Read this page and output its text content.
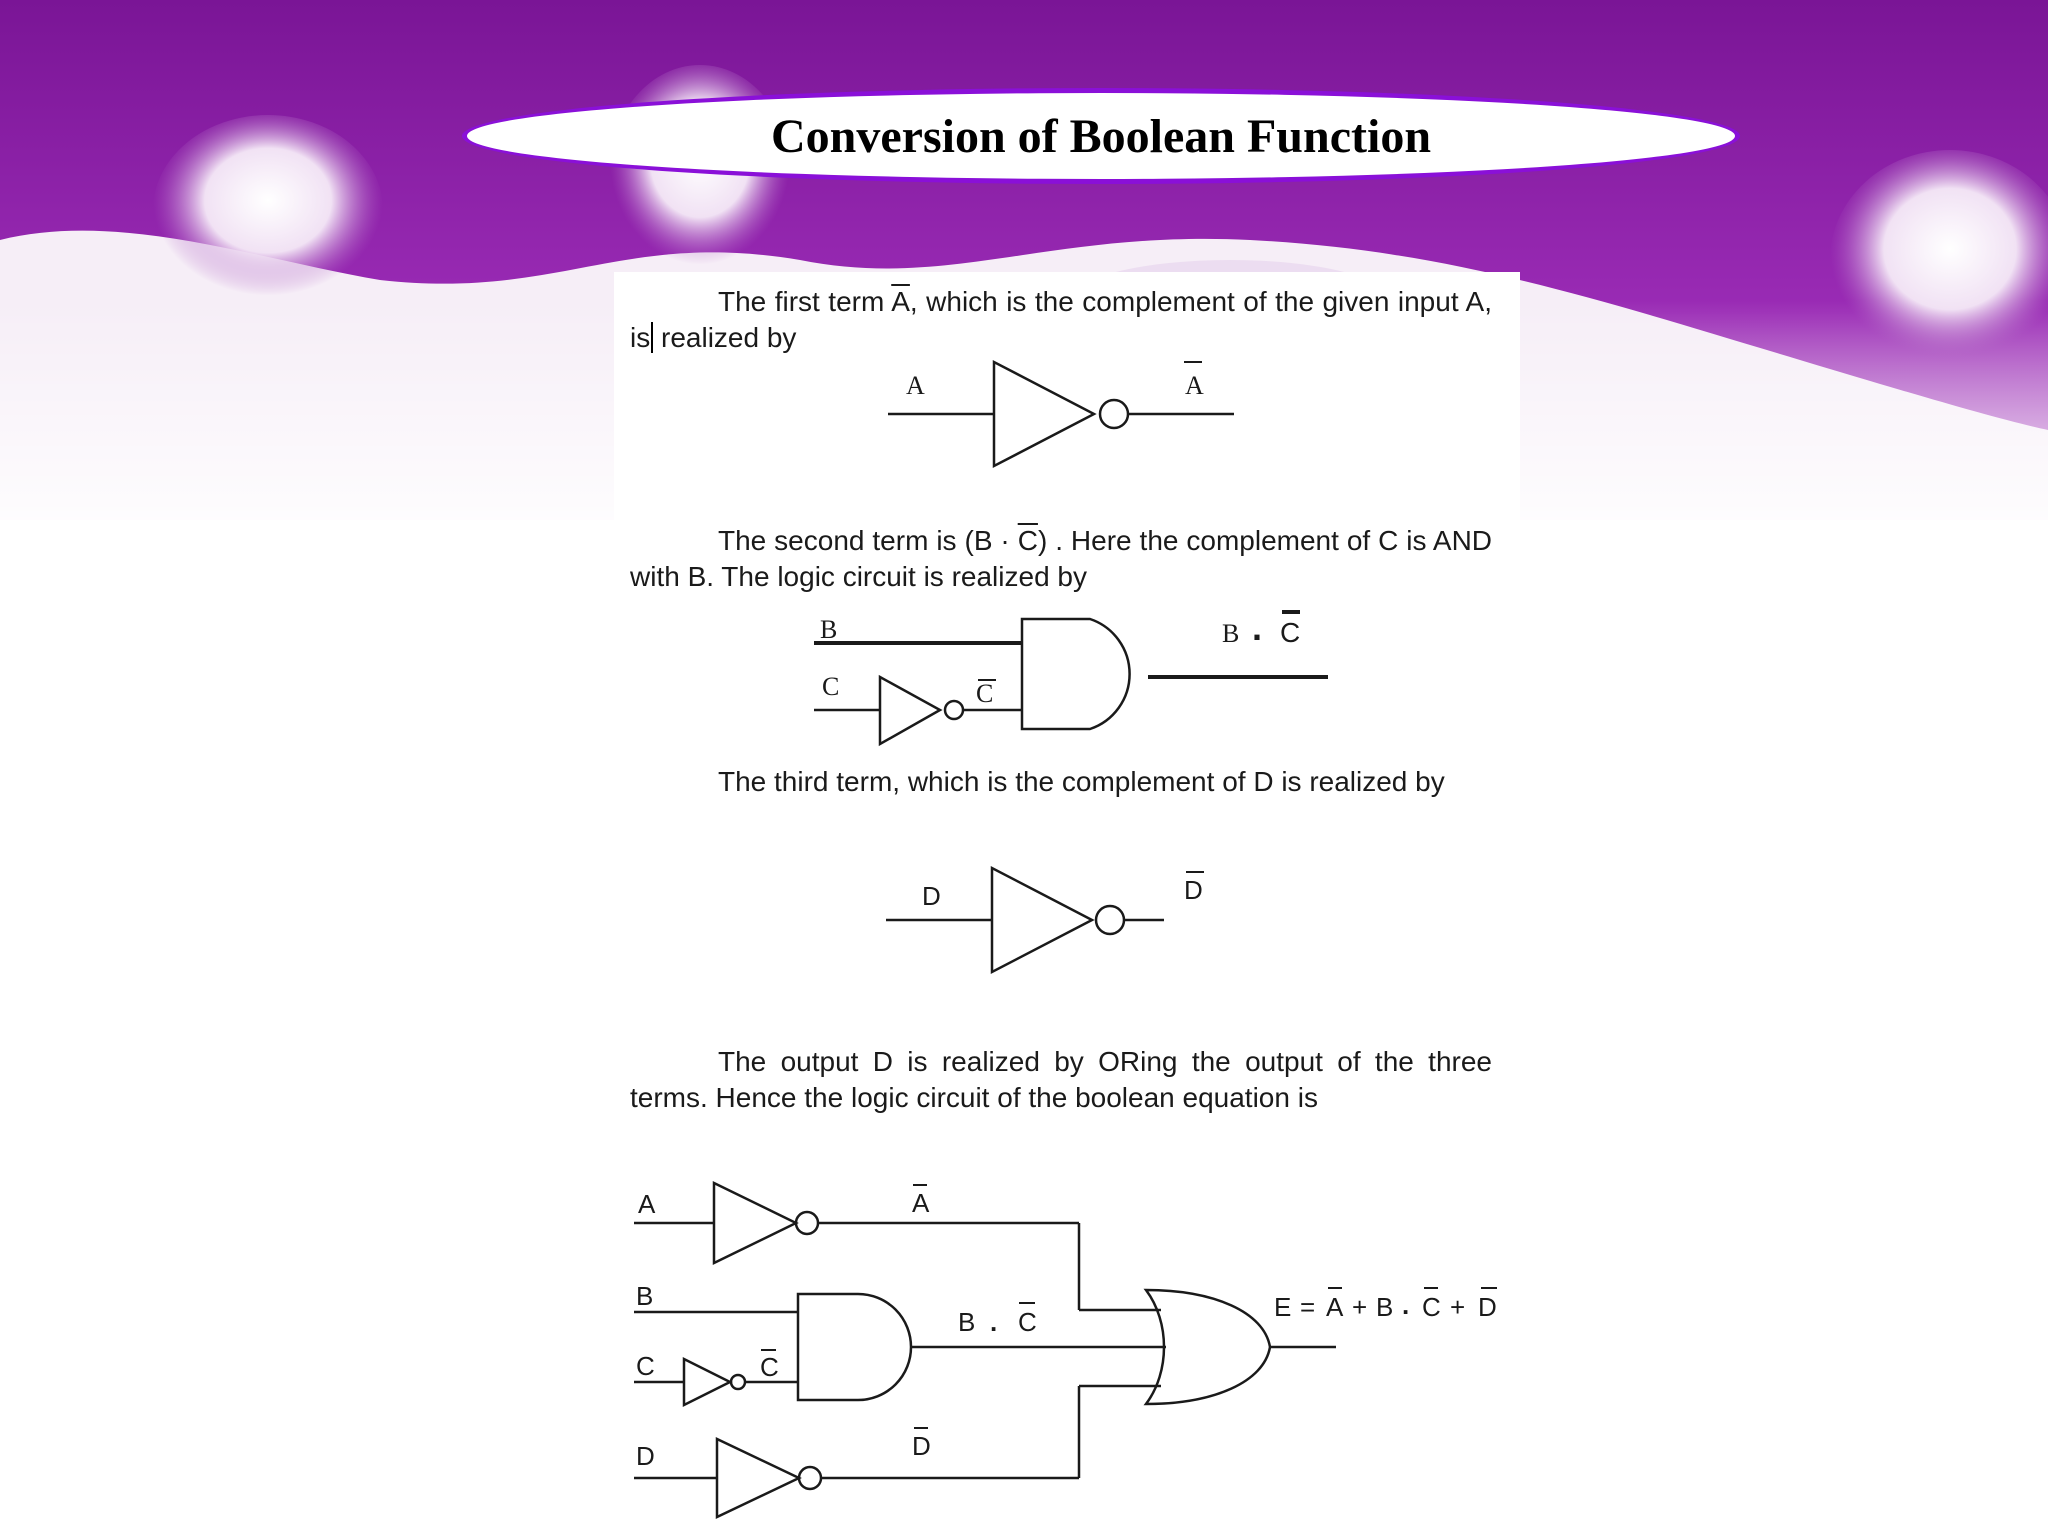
Conversion of Boolean Function

The first term $\overline{A}$, which is the complement of the given input A, is realized by

The second term is $(B \cdot \overline{C})$ . Here the complement of C is AND with B. The logic circuit is realized by

The third term, which is the complement of D is realized by

The output D is realized by ORing the output of the three terms. Hence the logic circuit of the boolean equation is

A	A
B
C	C
B . C
D	D
A
B
C
D
A
C
D
B . C	E = A + B . C + D
